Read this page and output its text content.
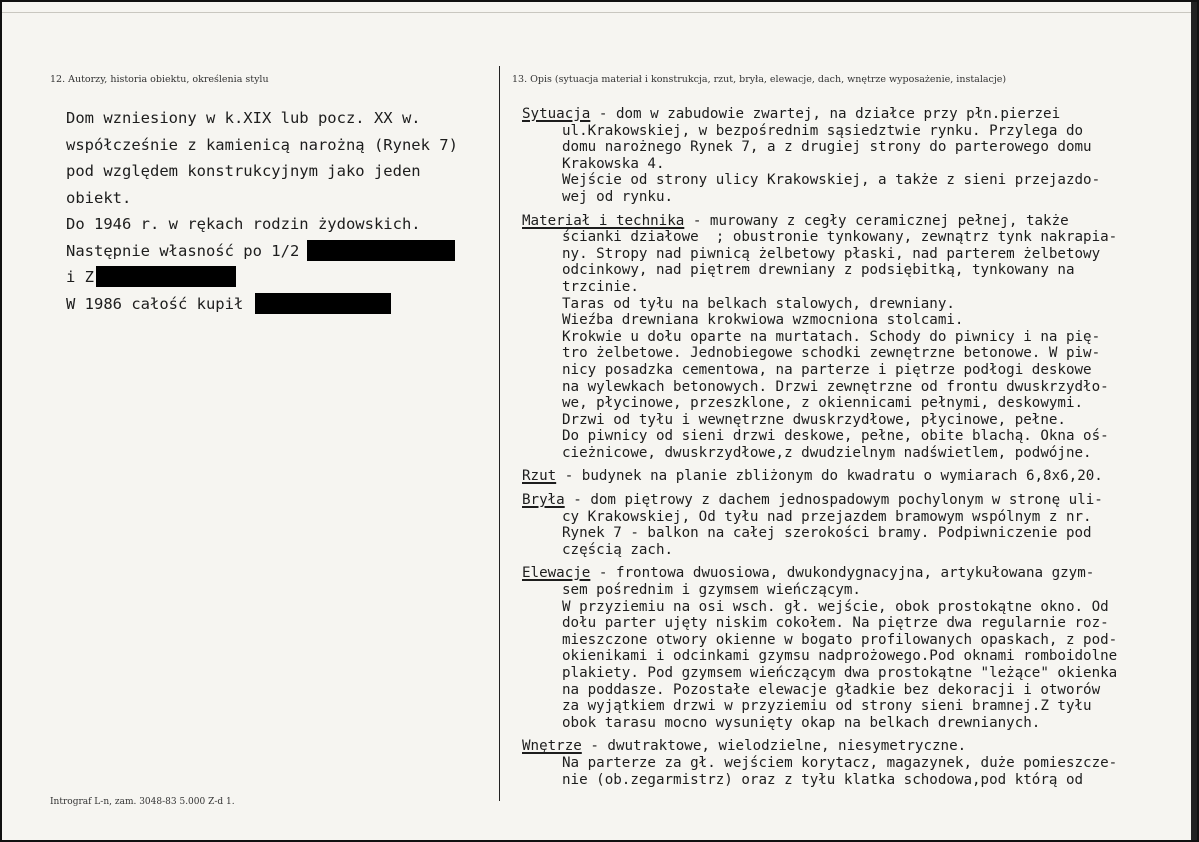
12. Autorzy, historia obiektu, określenia stylu	13. Opis (sytuacja materiał i konstrukcja, rzut, bryła, elewacje, dach, wnętrze wyposażenie, instalacje)
Dom wzniesiony w k.XIX lub pocz. XX w.
współcześnie z kamienicą narożną (Rynek 7)
pod względem konstrukcyjnym jako jeden
obiekt.
Do 1946 r. w rękach rodzin żydowskich.
Następnie własność po 1/2
i Z
W 1986 całość kupił
Intrograf L-n, zam. 3048-83 5.000 Z-d 1.
Sytuacja - dom w zabudowie zwartej, na działce przy płn.pierzei
ul.Krakowskiej, w bezpośrednim sąsiedztwie rynku. Przylega do
domu narożnego Rynek 7, a z drugiej strony do parterowego domu
Krakowska 4.
Wejście od strony ulicy Krakowskiej, a także z sieni przejazdo-
wej od rynku.
Materiał i technika - murowany z cegły ceramicznej pełnej, także
ścianki działowe  ; obustronie tynkowany, zewnątrz tynk nakrapia-
ny. Stropy nad piwnicą żelbetowy płaski, nad parterem żelbetowy
odcinkowy, nad piętrem drewniany z podsiębitką, tynkowany na
trzcinie.
Taras od tyłu na belkach stalowych, drewniany.
Wieźba drewniana krokwiowa wzmocniona stolcami.
Krokwie u dołu oparte na murtatach. Schody do piwnicy i na pię-
tro żelbetowe. Jednobiegowe schodki zewnętrzne betonowe. W piw-
nicy posadzka cementowa, na parterze i piętrze podłogi deskowe
na wylewkach betonowych. Drzwi zewnętrzne od frontu dwuskrzydło-
we, płycinowe, przeszklone, z okiennicami pełnymi, deskowymi.
Drzwi od tyłu i wewnętrzne dwuskrzydłowe, płycinowe, pełne.
Do piwnicy od sieni drzwi deskowe, pełne, obite blachą. Okna oś-
cieżnicowe, dwuskrzydłowe,z dwudzielnym nadświetlem, podwójne.
Rzut - budynek na planie zbliżonym do kwadratu o wymiarach 6,8x6,20.
Bryła - dom piętrowy z dachem jednospadowym pochylonym w stronę uli-
cy Krakowskiej, Od tyłu nad przejazdem bramowym wspólnym z nr.
Rynek 7 - balkon na całej szerokości bramy. Podpiwniczenie pod
częścią zach.
Elewacje - frontowa dwuosiowa, dwukondygnacyjna, artykułowana gzym-
sem pośrednim i gzymsem wieńczącym.
W przyziemiu na osi wsch. gł. wejście, obok prostokątne okno. Od
dołu parter ujęty niskim cokołem. Na piętrze dwa regularnie roz-
mieszczone otwory okienne w bogato profilowanych opaskach, z pod-
okienikami i odcinkami gzymsu nadprożowego.Pod oknami romboidolne
plakiety. Pod gzymsem wieńczącym dwa prostokątne "leżące" okienka
na poddasze. Pozostałe elewacje gładkie bez dekoracji i otworów
za wyjątkiem drzwi w przyziemiu od strony sieni bramnej.Z tyłu
obok tarasu mocno wysunięty okap na belkach drewnianych.
Wnętrze - dwutraktowe, wielodzielne, niesymetryczne.
Na parterze za gł. wejściem korytacz, magazynek, duże pomieszcze-
nie (ob.zegarmistrz) oraz z tyłu klatka schodowa,pod którą od
